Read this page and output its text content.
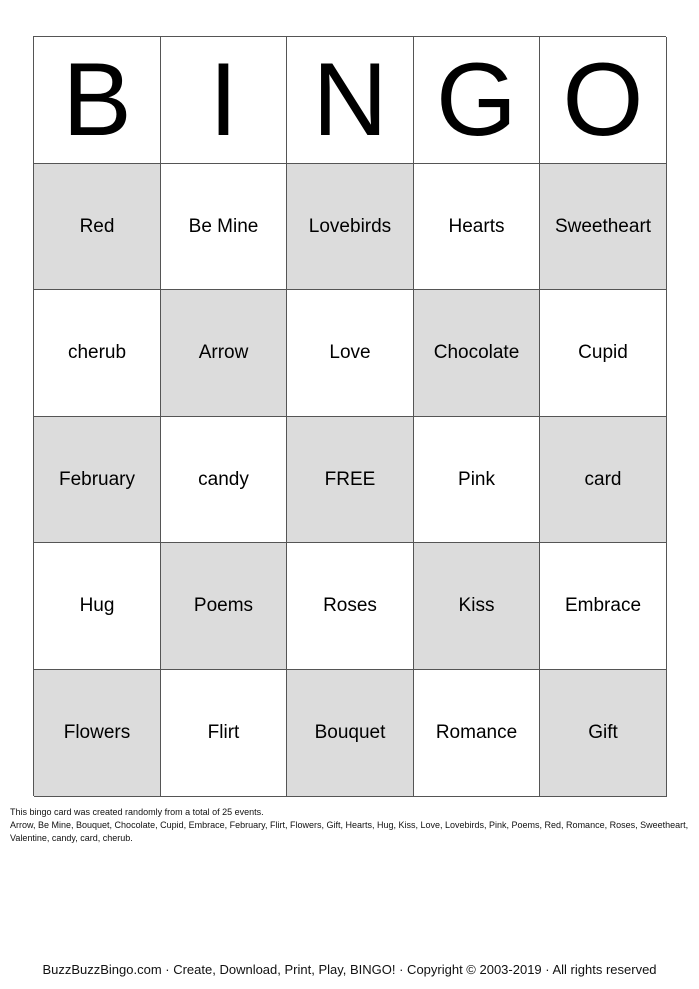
B I N G O
Red	Be Mine	Lovebirds	Hearts	Sweetheart
cherub	Arrow	Love	Chocolate	Cupid
February	candy	FREE	Pink	card
Hug	Poems	Roses	Kiss	Embrace
Flowers	Flirt	Bouquet	Romance	Gift

This bingo card was created randomly from a total of 25 events.

Arrow, Be Mine, Bouquet, Chocolate, Cupid, Embrace, February, Flirt, Flowers, Gift, Hearts, Hug, Kiss, Love, Lovebirds, Pink, Poems, Red, Romance, Roses, Sweetheart, Valentine, candy, card, cherub.

BuzzBuzzBingo.com · Create, Download, Print, Play, BINGO! · Copyright © 2003-2019 · All rights reserved
